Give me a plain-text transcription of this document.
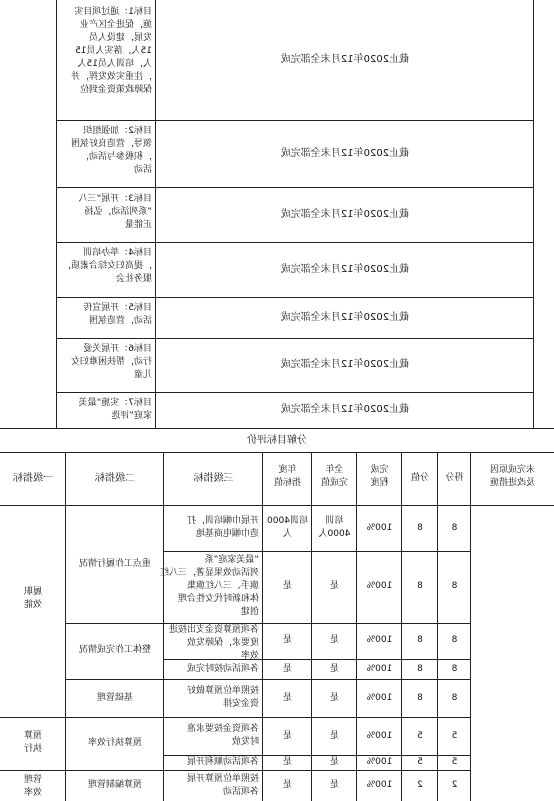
目标1：通过项目实
施，促进全区产业
发展，建设人员
15人，落实人员15
人，培训人员15人
，注重实效发挥，并
保障政策资金到位
截止2020年12月末全部完成
目标2：加强组织
领导，营造良好氛围
，积极参与活动，
活动
截止2020年12月末全部完成
目标3：开展“三八
”系列活动，弘扬
正能量
截止2020年12月末全部完成
目标4：举办培训
，提高妇女综合素质，
服务社会
截止2020年12月末全部完成
目标5：开展宣传
活动，营造氛围	截止2020年12月末全部完成
目标6：开展关爱
行动，帮扶困难妇女
儿童
截止2020年12月末全部完成
目标7：实施“最美
家庭”评选
截止2020年12月末全部完成
分解目标评价
一级指标	二级指标	三级指标
年度
指标值
全年
完成值
完成
程度	分值	得分
未完成原因
及改进措施
履职
效能
预算
执行
管理
效率
重点工作履行情况
整体工作完成情况
基础管理
预算执行效率
预算编制管理
开展巾帼培训，打
造巾帼电商基地
培训4000
人
培训
4000人
100%	8	8
“最美家庭”系
列活动效果显著，三八红
旗手、三八红旗集
体和新时代女性合理
创建
是	是	100%	8	8
各项预算资金支出按进
度要求，保障发放
效率
是	是	100%	8	8
各项活动按时完成	是	是	100%	8	8
按照单位预算做好
资金安排
是	是	100%	8	8
各项资金按要求准
时发放
是	是	100%	5	5
各项活动顺利开展	是	是	100%	5	5
按照单位预算开展
各项活动
是	是	100%	2	2
